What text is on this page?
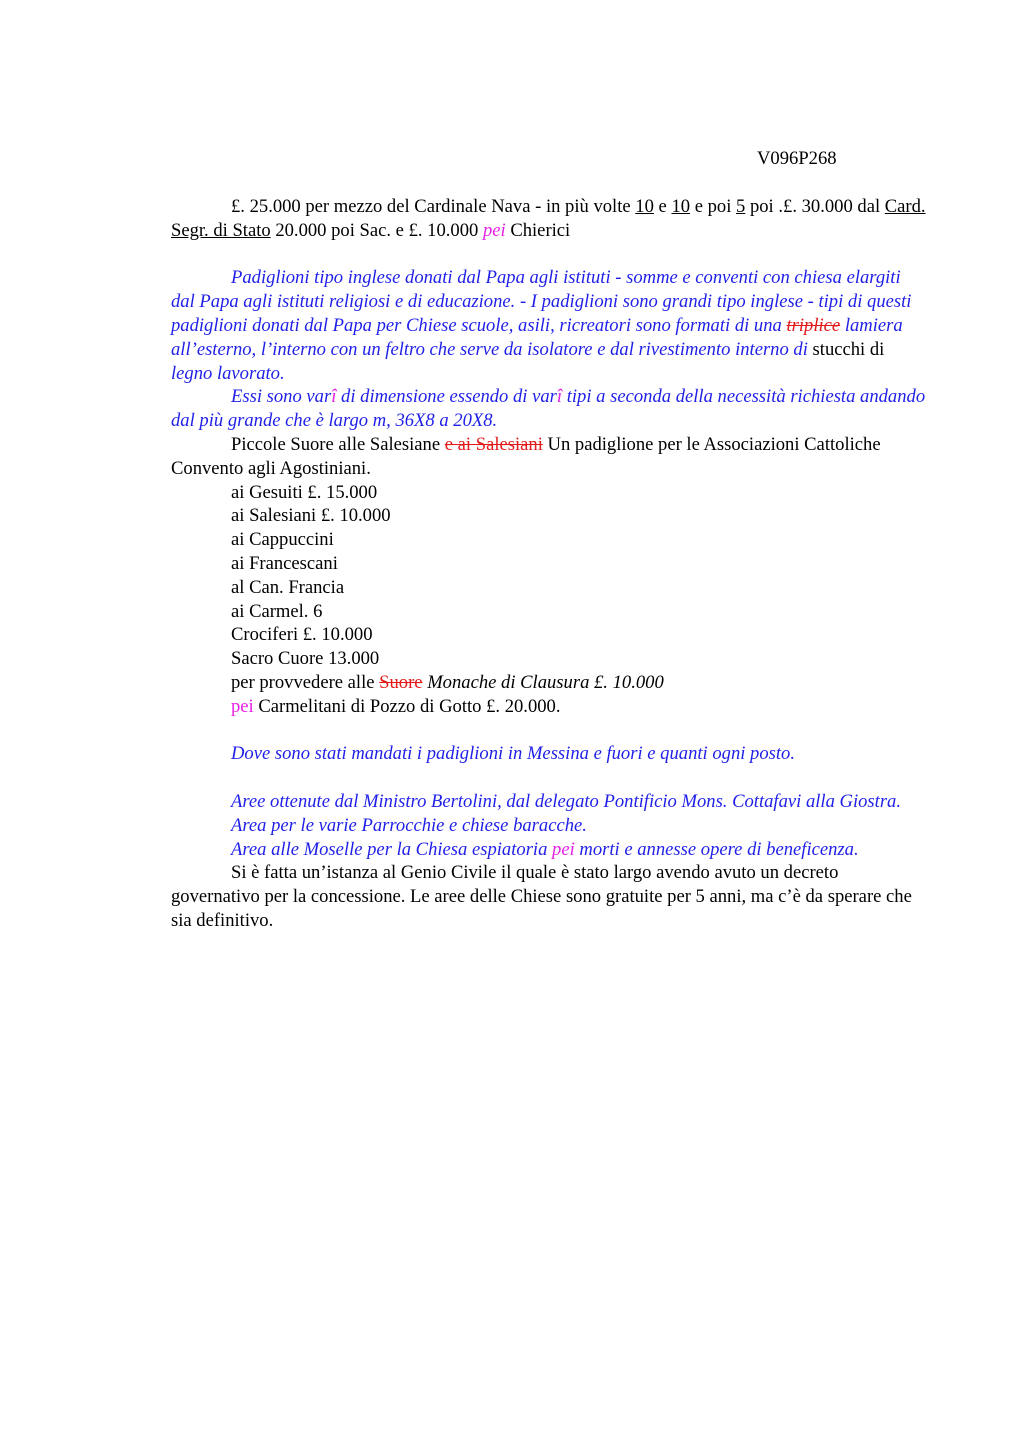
V096P268

£. 25.000 per mezzo del Cardinale Nava - in più volte 10 e 10 e poi 5 poi .£. 30.000 dal Card. Segr. di Stato 20.000 poi Sac. e £. 10.000 pei Chierici

Padiglioni tipo inglese donati dal Papa agli istituti - somme e conventi con chiesa elargiti dal Papa agli istituti religiosi e di educazione. - I padiglioni sono grandi tipo inglese - tipi di questi padiglioni donati dal Papa per Chiese scuole, asili, ricreatori sono formati di una triplice lamiera all’esterno, l’interno con un feltro che serve da isolatore e dal rivestimento interno di stucchi di legno lavorato.

Essi sono varî di dimensione essendo di varî tipi a seconda della necessità richiesta andando dal più grande che è largo m, 36X8 a 20X8.

Piccole Suore alle Salesiane e ai Salesiani Un padiglione per le Associazioni Cattoliche Convento agli Agostiniani.

ai Gesuiti £. 15.000
ai Salesiani £. 10.000
ai Cappuccini
ai Francescani
al Can. Francia
ai Carmel. 6
Crociferi £. 10.000
Sacro Cuore 13.000
per provvedere alle Suore Monache di Clausura £. 10.000
pei Carmelitani di Pozzo di Gotto £. 20.000.

Dove sono stati mandati i padiglioni in Messina e fuori e quanti ogni posto.

Aree ottenute dal Ministro Bertolini, dal delegato Pontificio Mons. Cottafavi alla Giostra.

Area per le varie Parrocchie e chiese baracche.

Area alle Moselle per la Chiesa espiatoria pei morti e annesse opere di beneficenza.

Si è fatta un’istanza al Genio Civile il quale è stato largo avendo avuto un decreto governativo per la concessione. Le aree delle Chiese sono gratuite per 5 anni, ma c’è da sperare che sia definitivo.
